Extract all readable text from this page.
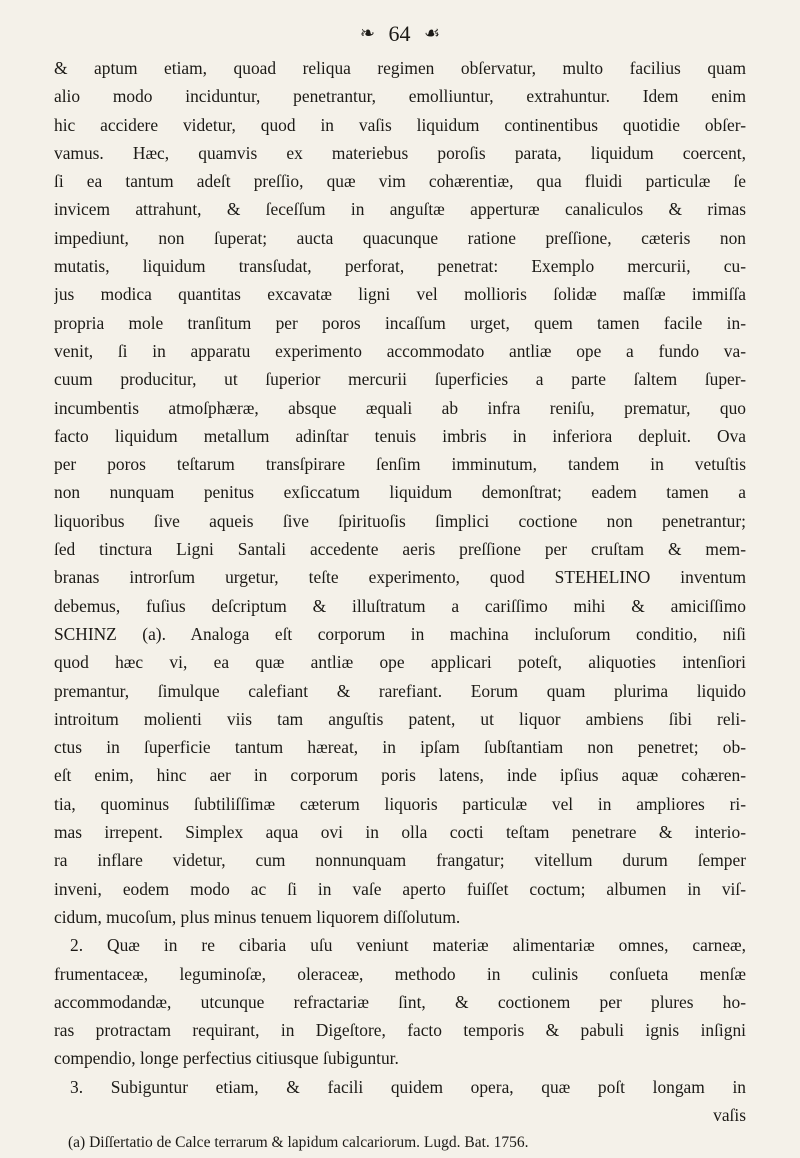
❧ 64 ☙
& aptum etiam, quoad reliqua regimen obſervatur, multo facilius quam
alio modo inciduntur, penetrantur, emolliuntur, extrahuntur. Idem enim
hic accidere videtur, quod in vaſis liquidum continentibus quotidie obſer-
vamus. Hæc, quamvis ex materiebus poroſis parata, liquidum coercent,
ſi ea tantum adeſt preſſio, quæ vim cohærentiæ, qua fluidi particulæ ſe
invicem attrahunt, & ſeceſſum in anguſtæ apperturæ canaliculos & rimas
impediunt, non ſuperat; aucta quacunque ratione preſſione, cæteris non
mutatis, liquidum transſudat, perforat, penetrat: Exemplo mercurii, cu-
jus modica quantitas excavatæ ligni vel mollioris ſolidæ maſſæ immiſſa
propria mole tranſitum per poros incaſſum urget, quem tamen facile in-
venit, ſi in apparatu experimento accommodato antliæ ope a fundo va-
cuum producitur, ut ſuperior mercurii ſuperficies a parte ſaltem ſuper-
incumbentis atmoſphæræ, absque æquali ab infra reniſu, prematur, quo
facto liquidum metallum adinſtar tenuis imbris in inferiora depluit. Ova
per poros teſtarum transſpirare ſenſim imminutum, tandem in vetuſtis
non nunquam penitus exſiccatum liquidum demonſtrat; eadem tamen a
liquoribus ſive aqueis ſive ſpirituoſis ſimplici coctione non penetrantur;
ſed tinctura Ligni Santali accedente aeris preſſione per cruſtam & mem-
branas introrſum urgetur, teſte experimento, quod STEHELINO inventum
debemus, fuſius deſcriptum & illuſtratum a cariſſimo mihi & amiciſſimo
SCHINZ (a). Analoga eſt corporum in machina incluſorum conditio, niſi
quod hæc vi, ea quæ antliæ ope applicari poteſt, aliquoties intenſiori
premantur, ſimulque calefiant & rarefiant. Eorum quam plurima liquido
introitum molienti viis tam anguſtis patent, ut liquor ambiens ſibi reli-
ctus in ſuperficie tantum hæreat, in ipſam ſubſtantiam non penetret; ob-
eſt enim, hinc aer in corporum poris latens, inde ipſius aquæ cohæren-
tia, quominus ſubtiliſſimæ cæterum liquoris particulæ vel in ampliores ri-
mas irrepent. Simplex aqua ovi in olla cocti teſtam penetrare & interio-
ra inflare videtur, cum nonnunquam frangatur; vitellum durum ſemper
inveni, eodem modo ac ſi in vaſe aperto fuiſſet coctum; albumen in viſ-
cidum, mucoſum, plus minus tenuem liquorem diſſolutum.
2. Quæ in re cibaria uſu veniunt materiæ alimentariæ omnes, carneæ,
frumentaceæ, leguminoſæ, oleraceæ, methodo in culinis conſueta menſæ
accommodandæ, utcunque refractariæ ſint, & coctionem per plures ho-
ras protractam requirant, in Digeſtore, facto temporis & pabuli ignis inſigni
compendio, longe perfectius citiusque ſubiguntur.
3. Subiguntur etiam, & facili quidem opera, quæ poſt longam in
vaſis
(a) Diſſertatio de Calce terrarum & lapidum calcariorum. Lugd. Bat. 1756.
